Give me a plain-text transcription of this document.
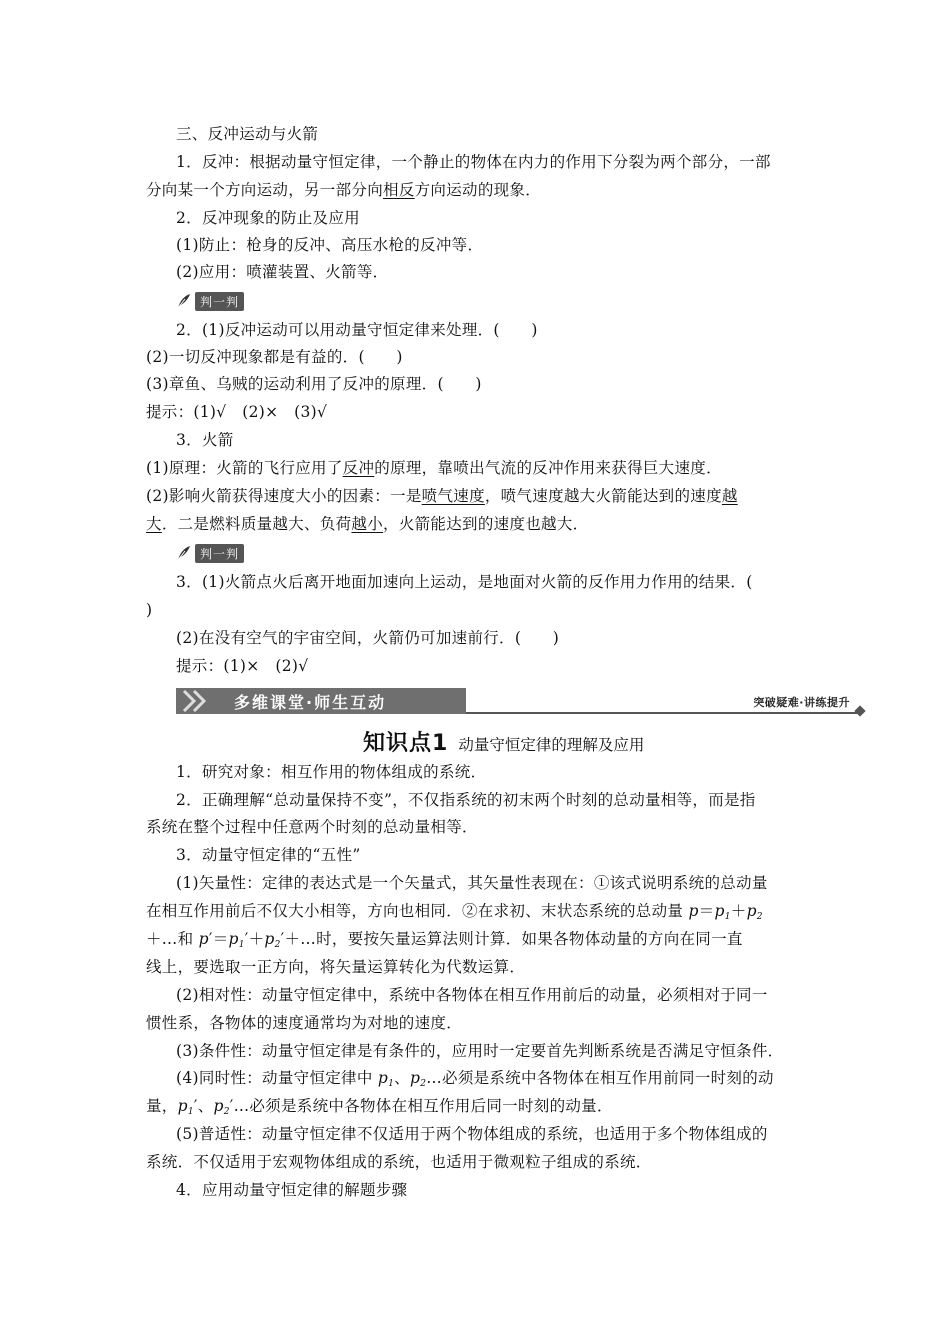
三、反冲运动与火箭
1．反冲：根据动量守恒定律，一个静止的物体在内力的作用下分裂为两个部分，一部
分向某一个方向运动，另一部分向相反方向运动的现象．
2．反冲现象的防止及应用
(1)防止：枪身的反冲、高压水枪的反冲等．
(2)应用：喷灌装置、火箭等．
判一判
2．(1)反冲运动可以用动量守恒定律来处理．(　　)
(2)一切反冲现象都是有益的．(　　)
(3)章鱼、乌贼的运动利用了反冲的原理．(　　)
提示：(1)√　(2)×　(3)√
3．火箭
(1)原理：火箭的飞行应用了反冲的原理，靠喷出气流的反冲作用来获得巨大速度．
(2)影响火箭获得速度大小的因素：一是喷气速度，喷气速度越大火箭能达到的速度越
大．二是燃料质量越大、负荷越小，火箭能达到的速度也越大．
判一判
3．(1)火箭点火后离开地面加速向上运动，是地面对火箭的反作用力作用的结果．(
)
(2)在没有空气的宇宙空间，火箭仍可加速前行．(　　)
提示：(1)×　(2)√
多维课堂·师生互动	突破疑难·讲练提升
知识点1 动量守恒定律的理解及应用
1．研究对象：相互作用的物体组成的系统．
2．正确理解“总动量保持不变”，不仅指系统的初末两个时刻的总动量相等，而是指
系统在整个过程中任意两个时刻的总动量相等．
3．动量守恒定律的“五性”
(1)矢量性：定律的表达式是一个矢量式，其矢量性表现在：①该式说明系统的总动量
在相互作用前后不仅大小相等，方向也相同．②在求初、末状态系统的总动量 $p=p_1+p_2$
＋…和 $p'=p_1'+p_2'+\dots$时，要按矢量运算法则计算．如果各物体动量的方向在同一直
线上，要选取一正方向，将矢量运算转化为代数运算．
(2)相对性：动量守恒定律中，系统中各物体在相互作用前后的动量，必须相对于同一
惯性系，各物体的速度通常均为对地的速度．
(3)条件性：动量守恒定律是有条件的，应用时一定要首先判断系统是否满足守恒条件．
(4)同时性：动量守恒定律中 $p_1$、$p_2\dots$必须是系统中各物体在相互作用前同一时刻的动
量，$p_1'$、$p_2'\dots$必须是系统中各物体在相互作用后同一时刻的动量．
(5)普适性：动量守恒定律不仅适用于两个物体组成的系统，也适用于多个物体组成的
系统．不仅适用于宏观物体组成的系统，也适用于微观粒子组成的系统．
4．应用动量守恒定律的解题步骤
